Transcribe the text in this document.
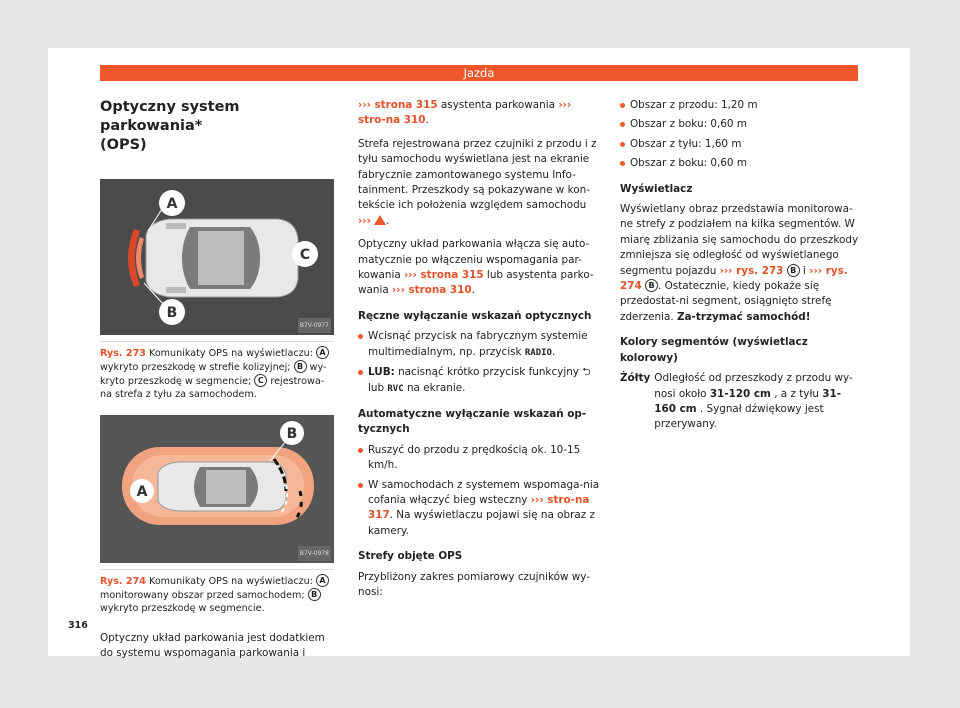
Jazda
Optyczny system parkowania*
(OPS)
A
C
B
B7V-0977
Rys. 273 Komunikaty OPS na wyświetlaczu: A wykryto przeszkodę w strefie kolizyjnej; B wy-kryto przeszkodę w segmencie; C rejestrowa-na strefa z tyłu za samochodem.
B
A
B7V-0978
Rys. 274 Komunikaty OPS na wyświetlaczu: A monitorowany obszar przed samochodem; B wykryto przeszkodę w segmencie.

Optyczny układ parkowania jest dodatkiem do systemu wspomagania parkowania i

››› strona 315 asystenta parkowania ››› stro-na 310.

Strefa rejestrowana przez czujniki z przodu i z tyłu samochodu wyświetlana jest na ekranie fabrycznie zamontowanego systemu Info-tainment. Przeszkody są pokazywane w kon-tekście ich położenia względem samochodu ››› .

Optyczny układ parkowania włącza się auto-matycznie po włączeniu wspomagania par-kowania ››› strona 315 lub asystenta parko-wania ››› strona 310.

Ręczne wyłączanie wskazań optycznych
Wcisnąć przycisk na fabrycznym systemie multimedialnym, np. przycisk RADIO.
LUB: nacisnąć krótko przycisk funkcyjny ⮌ lub RVC na ekranie.
Automatyczne wyłączanie wskazań op-tycznych
Ruszyć do przodu z prędkością ok. 10-15 km/h.
W samochodach z systemem wspomaga-nia cofania włączyć bieg wsteczny ››› stro-na 317. Na wyświetlaczu pojawi się na obraz z kamery.
Strefy objęte OPS

Przybliżony zakres pomiarowy czujników wy-nosi:

Obszar z przodu: 1,20 m
Obszar z boku: 0,60 m
Obszar z tyłu: 1,60 m
Obszar z boku: 0,60 m
Wyświetlacz

Wyświetlany obraz przedstawia monitorowa-ne strefy z podziałem na kilka segmentów. W miarę zbliżania się samochodu do przeszkody zmniejsza się odległość od wyświetlanego segmentu pojazdu ››› rys. 273 B i ››› rys. 274 B . Ostatecznie, kiedy pokaże się przedostat-ni segment, osiągnięto strefę zderzenia. Za-trzymać samochód!

Kolory segmentów (wyświetlacz kolorowy)
Żółty Odległość od przeszkody z przodu wy-nosi około 31-120 cm , a z tyłu 31-160 cm . Sygnał dźwiękowy jest przerywany.
316
